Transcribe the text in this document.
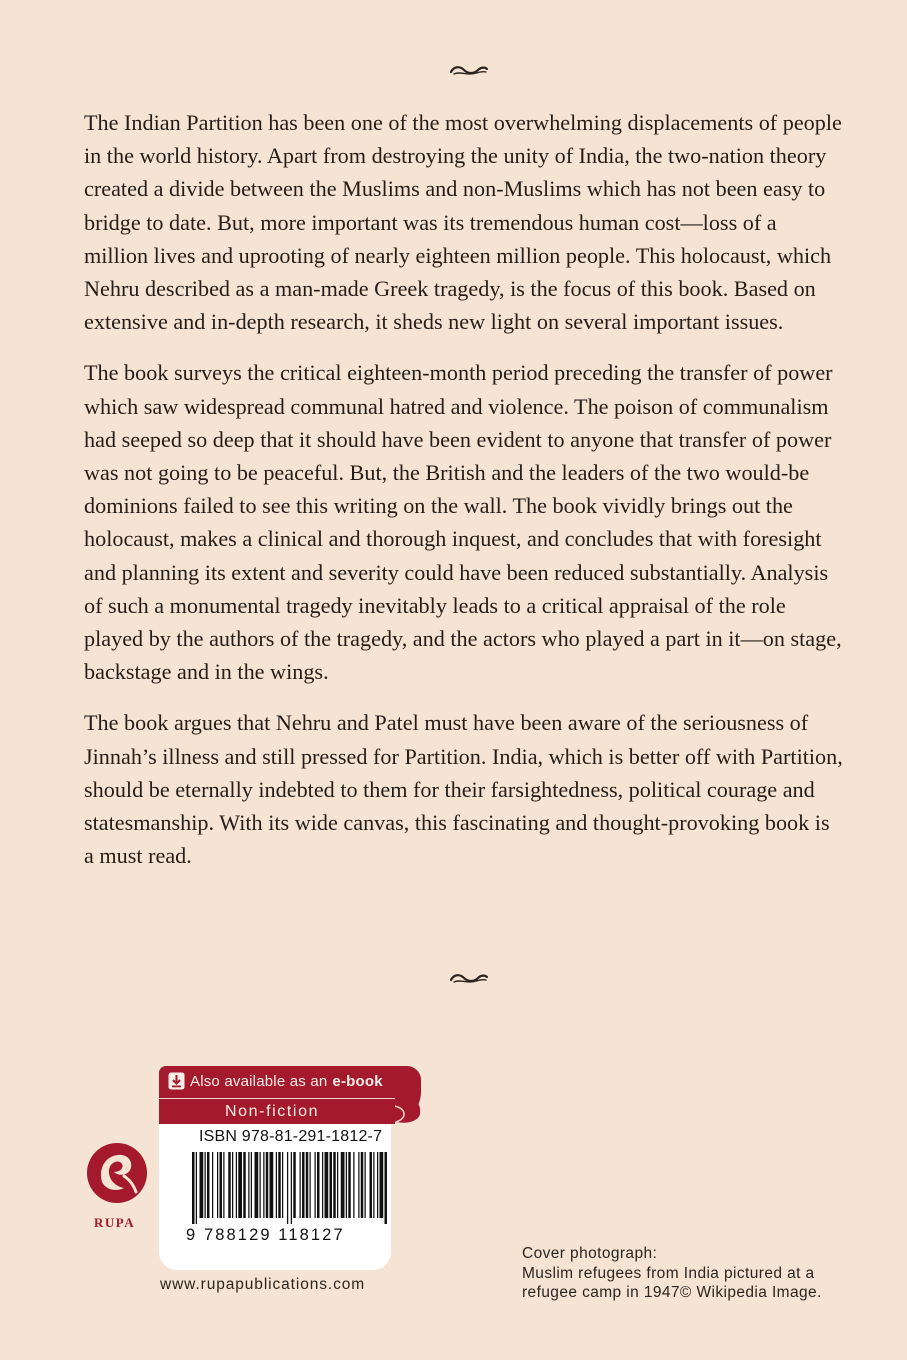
The Indian Partition has been one of the most overwhelming displacements of people in the world history. Apart from destroying the unity of India, the two-nation theory created a divide between the Muslims and non-Muslims which has not been easy to bridge to date. But, more important was its tremendous human cost—loss of a million lives and uprooting of nearly eighteen million people. This holocaust, which Nehru described as a man-made Greek tragedy, is the focus of this book. Based on extensive and in-depth research, it sheds new light on several important issues.

The book surveys the critical eighteen-month period preceding the transfer of power which saw widespread communal hatred and violence. The poison of communalism had seeped so deep that it should have been evident to anyone that transfer of power was not going to be peaceful. But, the British and the leaders of the two would-be dominions failed to see this writing on the wall. The book vividly brings out the holocaust, makes a clinical and thorough inquest, and concludes that with foresight and planning its extent and severity could have been reduced substantially. Analysis of such a monumental tragedy inevitably leads to a critical appraisal of the role played by the authors of the tragedy, and the actors who played a part in it—on stage, backstage and in the wings.

The book argues that Nehru and Patel must have been aware of the seriousness of Jinnah’s illness and still pressed for Partition. India, which is better off with Partition, should be eternally indebted to them for their farsightedness, political courage and statesmanship. With its wide canvas, this fascinating and thought-provoking book is a must read.

Also available as an e-book
Non-fiction
ISBN 978-81-291-1812-7
9 788129 118127
RUPA
www.rupapublications.com
Cover photograph:
Muslim refugees from India pictured at a
refugee camp in 1947© Wikipedia Image.
